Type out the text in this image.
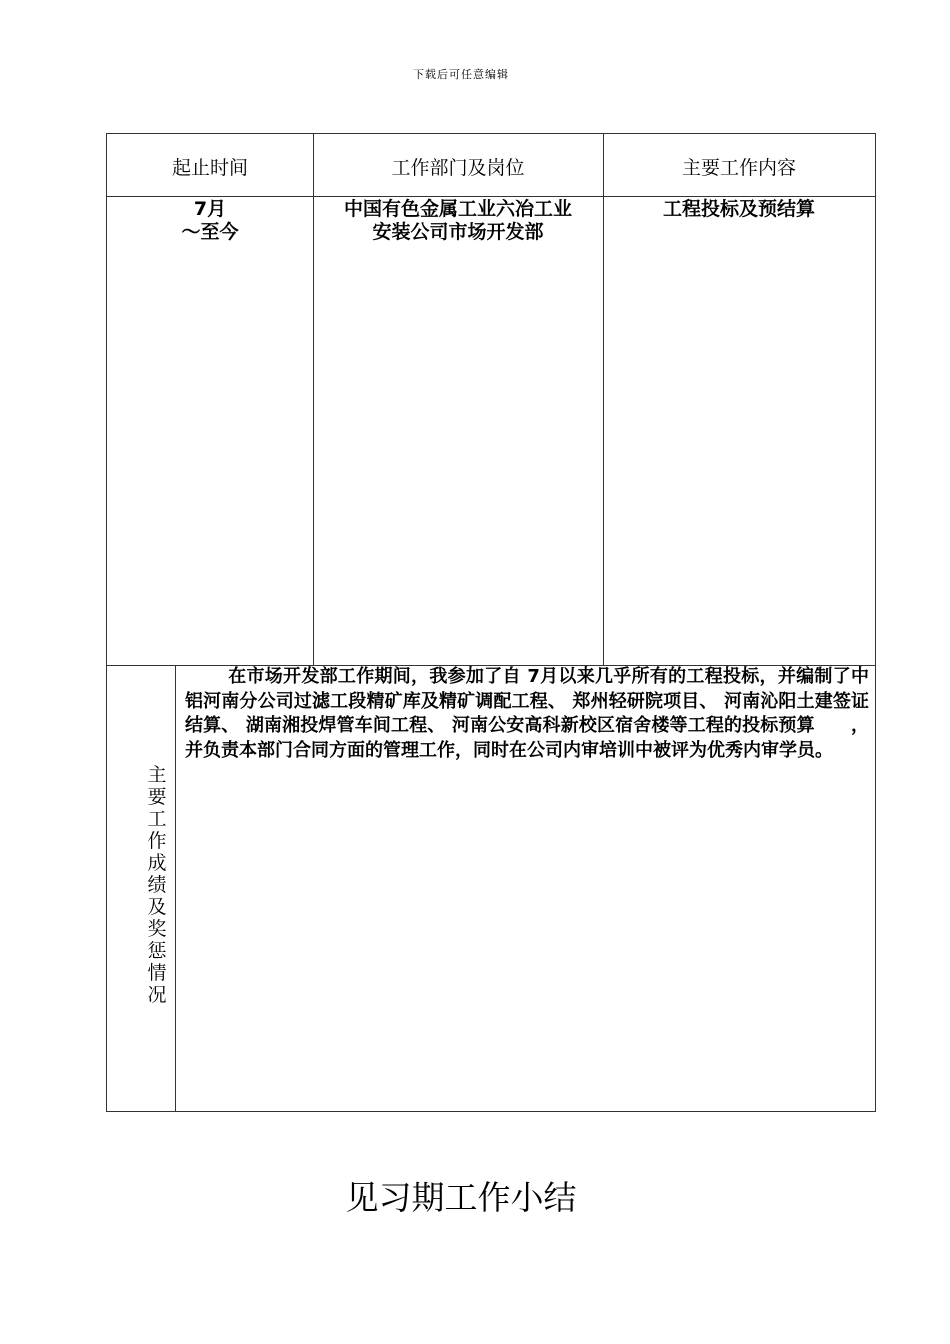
下载后可任意编辑
起止时间	工作部门及岗位	主要工作内容
7月
～至今
中国有色金属工业六冶工业
安装公司市场开发部
工程投标及预结算
主要工作成绩及奖惩情况
在市场开发部工作期间，我参加了自 7月以来几乎所有的工程投标，并编制了中铝河南分公司过滤工段精矿库及精矿调配工程、 郑州轻研院项目、 河南沁阳土建签证结算、 湖南湘投焊管车间工程、 河南公安高科新校区宿舍楼等工程的投标预算　　，并负责本部门合同方面的管理工作，同时在公司内审培训中被评为优秀内审学员。
见习期工作小结
